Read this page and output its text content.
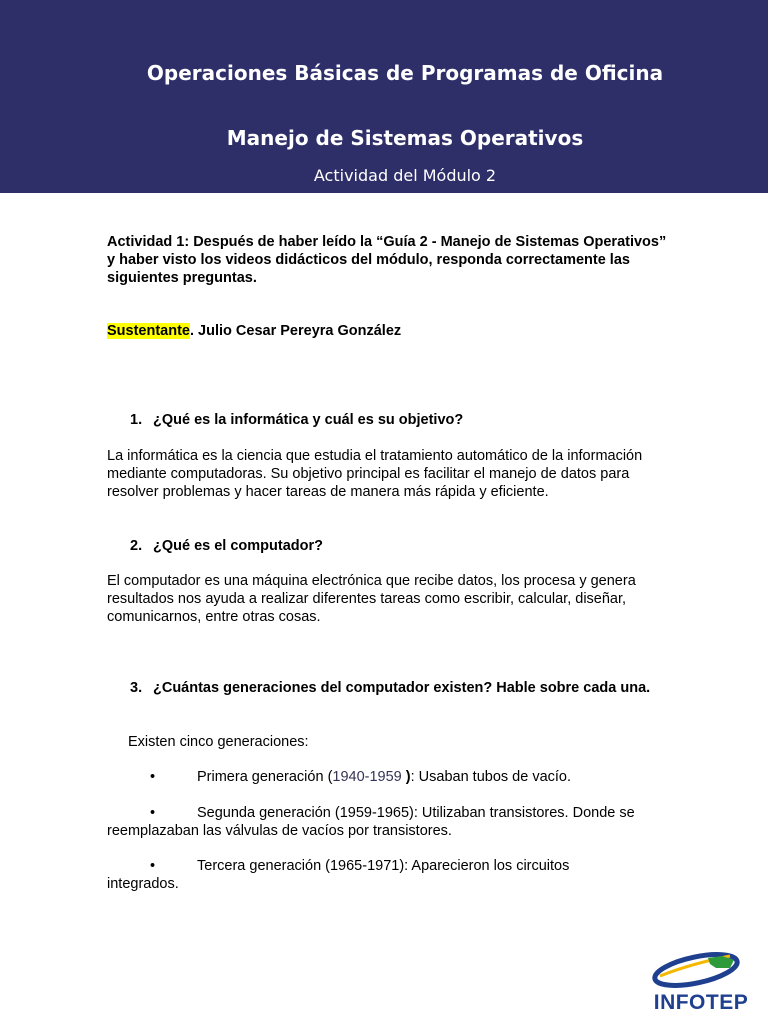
Operaciones Básicas de Programas de Oficina
Manejo de Sistemas Operativos
Actividad del Módulo 2
Actividad 1: Después de haber leído la “Guía 2 - Manejo de Sistemas Operativos” y haber visto los videos didácticos del módulo, responda correctamente las siguientes preguntas.
Sustentante. Julio Cesar Pereyra González
1. ¿Qué es la informática y cuál es su objetivo?
La informática es la ciencia que estudia el tratamiento automático de la información mediante computadoras. Su objetivo principal es facilitar el manejo de datos para resolver problemas y hacer tareas de manera más rápida y eficiente.
2. ¿Qué es el computador?
El computador es una máquina electrónica que recibe datos, los procesa y genera resultados nos ayuda a realizar diferentes tareas como escribir, calcular, diseñar, comunicarnos, entre otras cosas.
3. ¿Cuántas generaciones del computador existen? Hable sobre cada una.
Existen cinco generaciones:
•	Primera generación (1940-1959 ): Usaban tubos de vacío.
•	Segunda generación (1959-1965): Utilizaban transistores. Donde se
reemplazaban las válvulas de vacíos por transistores.
•	Tercera generación (1965-1971): Aparecieron los circuitos
integrados.
INFOTEP
